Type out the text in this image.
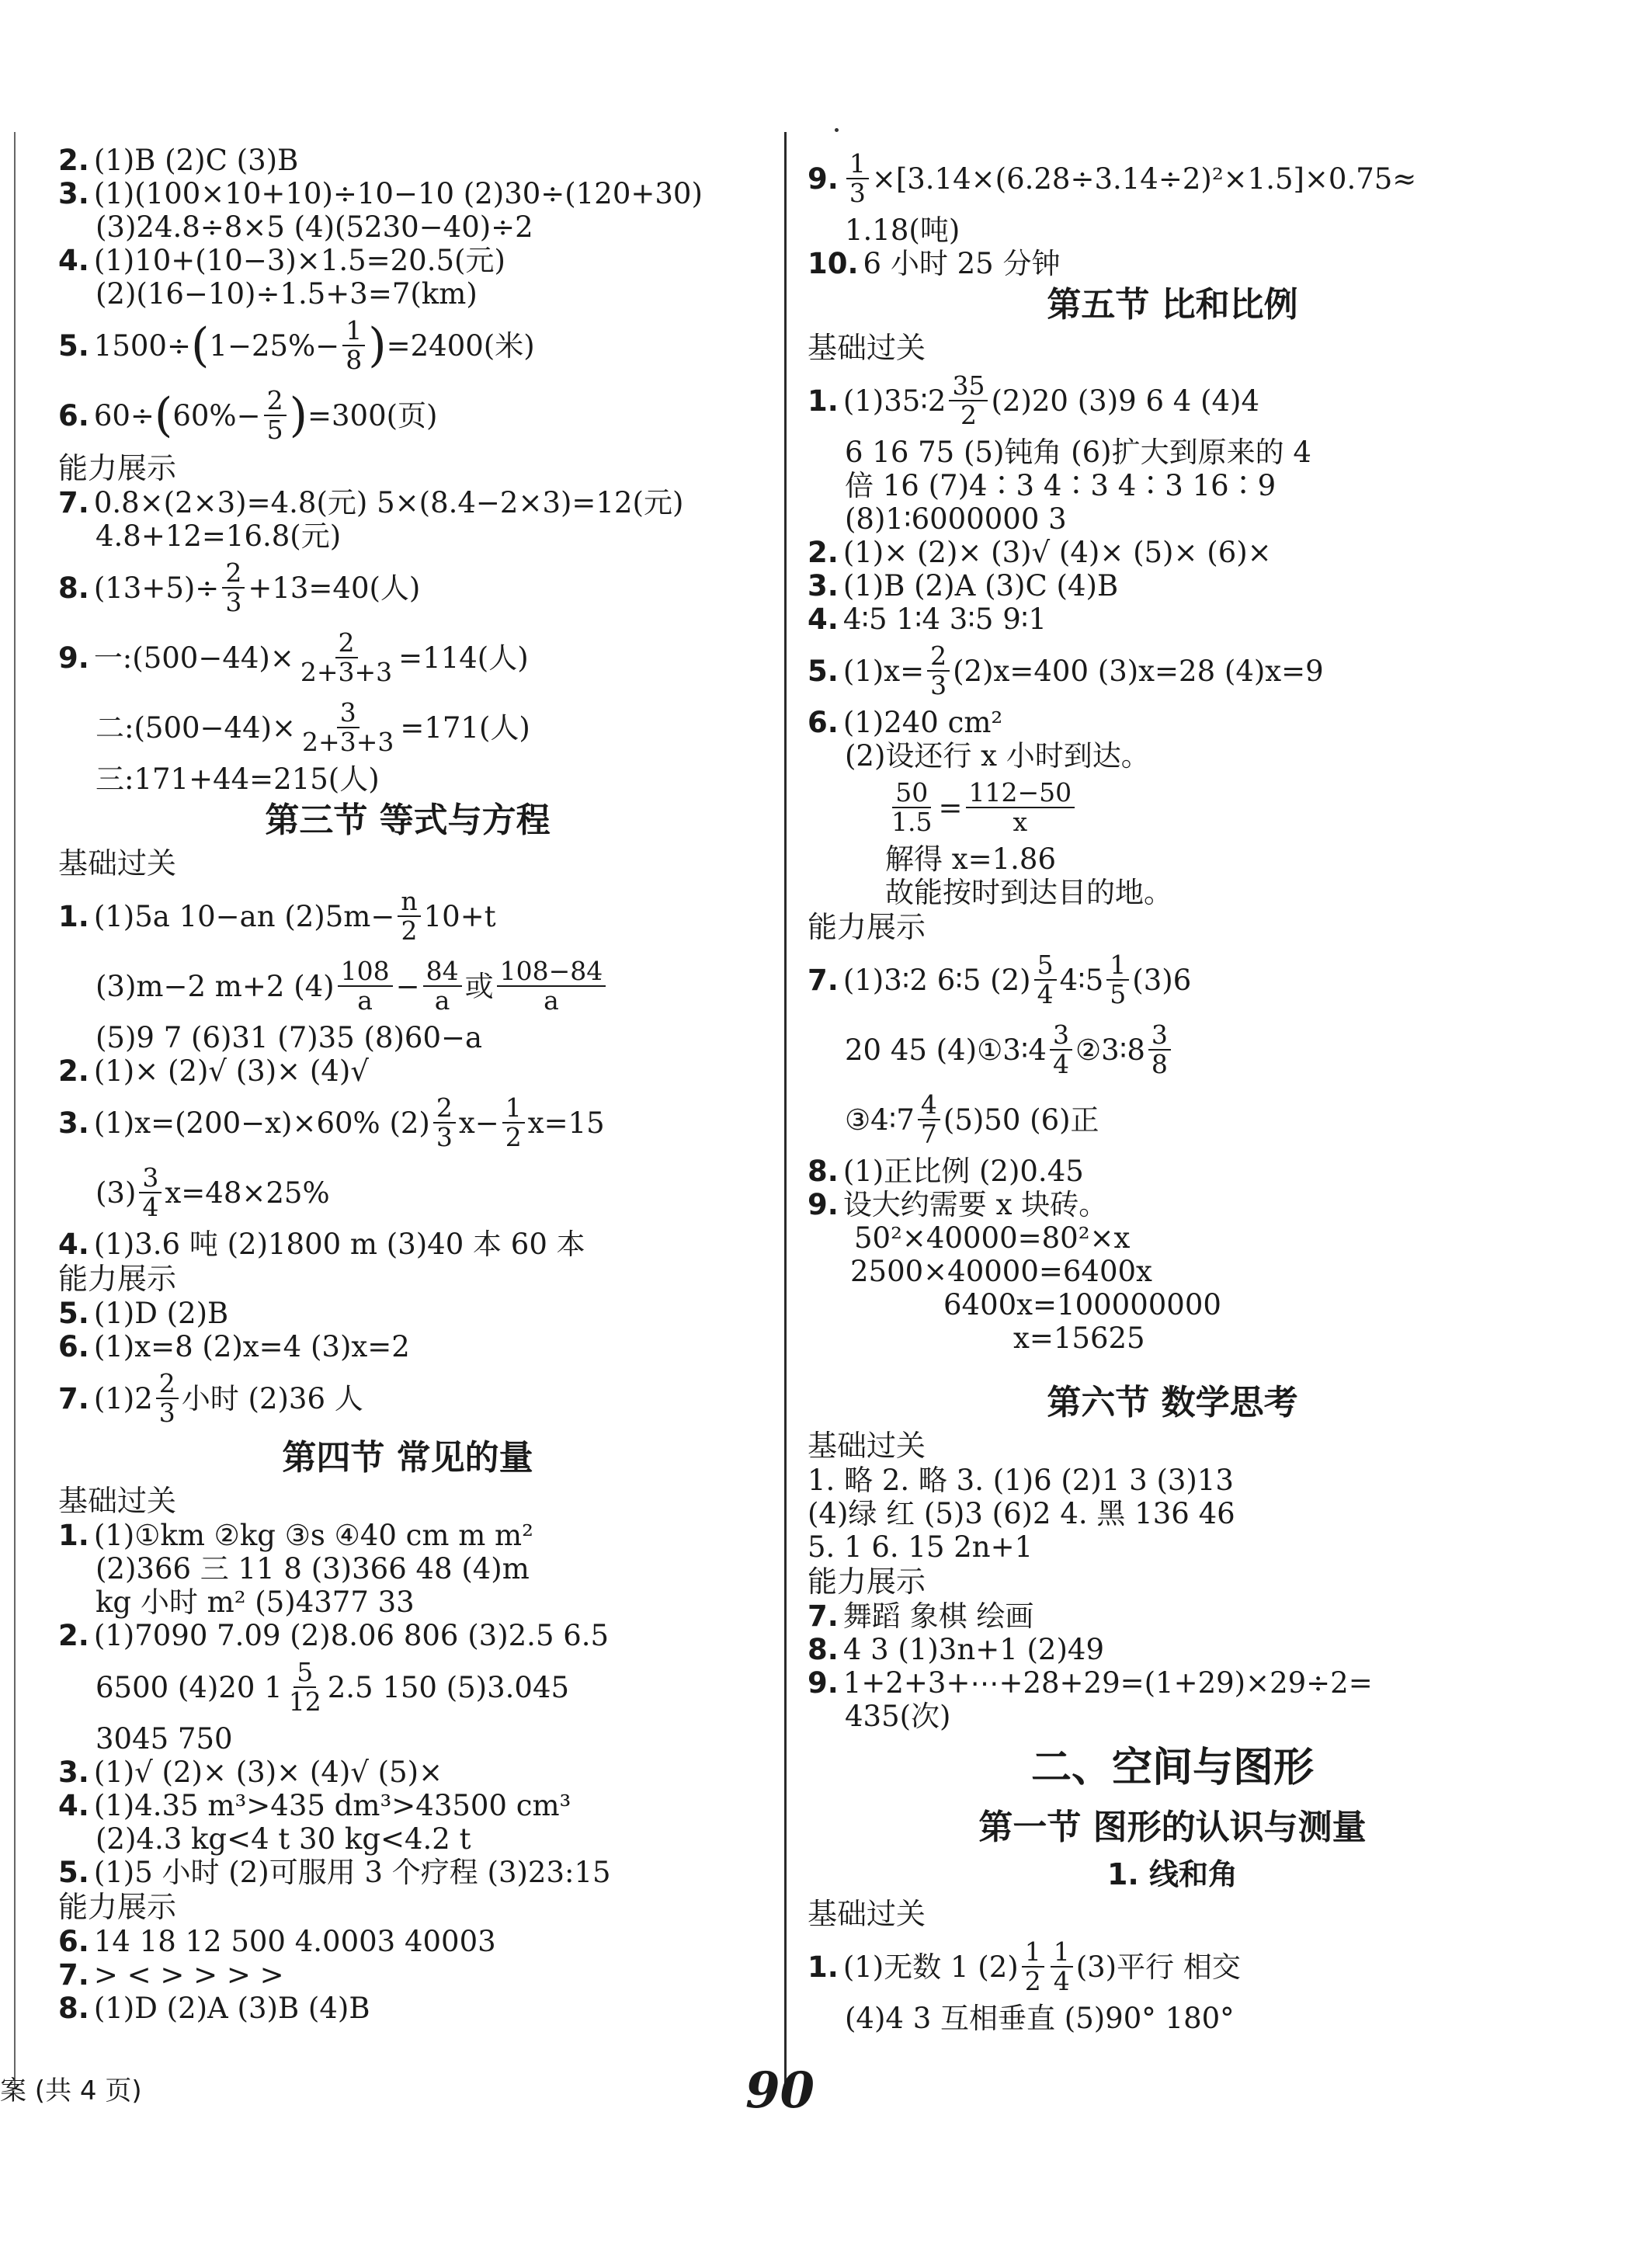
2. (1)B (2)C (3)B
3. (1)(100×10+10)÷10−10 (2)30÷(120+30)
(3)24.8÷8×5 (4)(5230−40)÷2
4. (1)10+(10−3)×1.5=20.5(元)
(2)(16−10)÷1.5+3=7(km)
5. 1500÷ ( $1-25\%- \frac{1}{8}$ ) =2400(米)
6. 60÷ ( $60\%- \frac{2}{5}$ ) =300(页)
能力展示
7. 0.8×(2×3)=4.8(元) 5×(8.4−2×3)=12(元)
4.8+12=16.8(元)
8. $(13+5)\div \frac{2}{3} +13=40$(人)
9. 一:(500−44)× $\frac{2}{2+3+3} =114$(人)
二:(500−44)× $\frac{3}{2+3+3} =171$(人)
三:171+44=215(人)
第三节 等式与方程
基础过关
1. (1)5a 10−an $(2)5m- \frac{n}{2} 10+t$
(3)m−2 m+2 $(4) \frac{108}{a} - \frac{84}{a}$ 或 $\frac{108-84}{a}$
(5)9 7 (6)31 (7)35 (8)60−a
2. (1)× (2)√ (3)× (4)√
3. (1)x=(200−x)×60% $(2) \frac{2}{3} x- \frac{1}{2} x=15$
$(3) \frac{3}{4} x=48\times 25\%$
4. (1)3.6 吨 (2)1800 m (3)40 本 60 本
能力展示
5. (1)D (2)B
6. (1)x=8 (2)x=4 (3)x=2
7. $(1)2 \frac{2}{3}$ 小时 (2)36 人
第四节 常见的量
基础过关
1. (1)①km ②kg ③s ④40 cm m m²
(2)366 三 11 8 (3)366 48 (4)m
kg 小时 m² (5)4377 33
2. (1)7090 7.09 (2)8.06 806 (3)2.5 6.5
6500 (4)20 $1 \frac{5}{12} 2.5$ 150 (5)3.045
3045 750
3. (1)√ (2)× (3)× (4)√ (5)×
4. (1)4.35 m³>435 dm³>43500 cm³
(2)4.3 kg<4 t 30 kg<4.2 t
5. (1)5 小时 (2)可服用 3 个疗程 (3)23:15
能力展示
6. 14 18 12 500 4.0003 40003
7. > < > > > >
8. (1)D (2)A (3)B (4)B
9. $\frac{1}{3} \times[3.14\times(6.28\div 3.14\div 2)^2\times 1.5]\times 0.75\approx$
1.18(吨)
10. 6 小时 25 分钟
第五节 比和比例
基础过关
1. (1)35∶2 $\frac{35}{2} (2)20$ (3)9 6 4 (4)4
6 16 75 (5)钝角 (6)扩大到原来的 4
倍 16 (7)4∶3 4∶3 4∶3 16∶9
(8)1∶6000000 3
2. (1)× (2)× (3)√ (4)× (5)× (6)×
3. (1)B (2)A (3)C (4)B
4. 4∶5 1∶4 3∶5 9∶1
5. $(1)x= \frac{2}{3} (2)x=400$ (3)x=28 (4)x=9
6. (1)240 cm²
(2)设还行 x 小时到达。
$\frac{50}{1.5} = \frac{112-50}{x}$
解得 x=1.86
故能按时到达目的地。
能力展示
7. (1)3∶2 6∶5 $(2) \frac{5}{4}$ 4∶5 $\frac{1}{5} (3)6$
20 45 (4)①3∶4 $\frac{3}{4}$ ②3∶8 $\frac{3}{8}$
③4∶7 $\frac{4}{7} (5)50$ (6)正
8. (1)正比例 (2)0.45
9. 设大约需要 x 块砖。
50²×40000=80²×x
2500×40000=6400x
6400x=100000000
x=15625
第六节 数学思考
基础过关
1. 略 2. 略 3. (1)6 (2)1 3 (3)13
(4)绿 红 (5)3 (6)2 4. 黑 136 46
5. 1 6. 15 2n+1
能力展示
7. 舞蹈 象棋 绘画
8. 4 3 (1)3n+1 (2)49
9. 1+2+3+⋯+28+29=(1+29)×29÷2=
435(次)
二、空间与图形
第一节 图形的认识与测量
1. 线和角
基础过关
1. (1)无数 1 $(2) \frac{1}{2} \frac{1}{4} (3)$平行 相交
(4)4 3 互相垂直 (5)90° 180°
案 (共 4 页)	90
